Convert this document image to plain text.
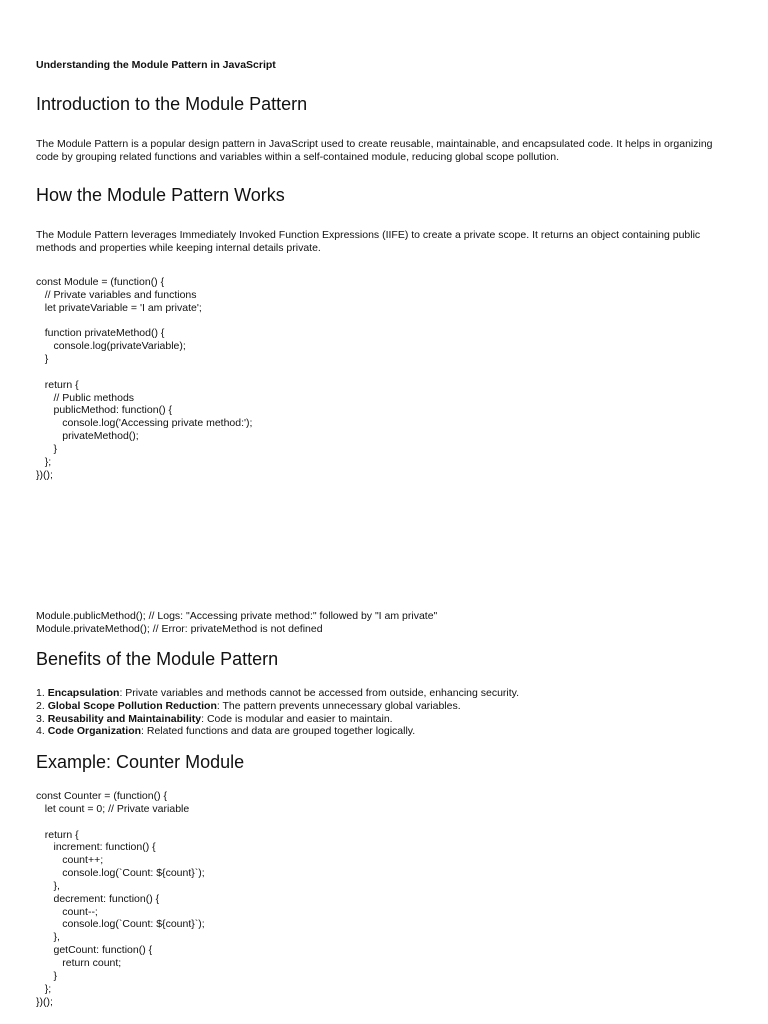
Understanding the Module Pattern in JavaScript
Introduction to the Module Pattern

The Module Pattern is a popular design pattern in JavaScript used to create reusable, maintainable, and encapsulated code. It helps in organizing code by grouping related functions and variables within a self-contained module, reducing global scope pollution.

How the Module Pattern Works

The Module Pattern leverages Immediately Invoked Function Expressions (IIFE) to create a private scope. It returns an object containing public methods and properties while keeping internal details private.

const Module = (function() {
// Private variables and functions
let privateVariable = 'I am private';

function privateMethod() {
console.log(privateVariable);
}

return {
// Public methods
publicMethod: function() {
console.log('Accessing private method:');
privateMethod();
}
};
})();
Module.publicMethod(); // Logs: "Accessing private method:" followed by "I am private"
Module.privateMethod(); // Error: privateMethod is not defined
Benefits of the Module Pattern
1. Encapsulation: Private variables and methods cannot be accessed from outside, enhancing security.
2. Global Scope Pollution Reduction: The pattern prevents unnecessary global variables.
3. Reusability and Maintainability: Code is modular and easier to maintain.
4. Code Organization: Related functions and data are grouped together logically.
Example: Counter Module
const Counter = (function() {
let count = 0; // Private variable

return {
increment: function() {
count++;
console.log(`Count: ${count}`);
},
decrement: function() {
count--;
console.log(`Count: ${count}`);
},
getCount: function() {
return count;
}
};
})();
